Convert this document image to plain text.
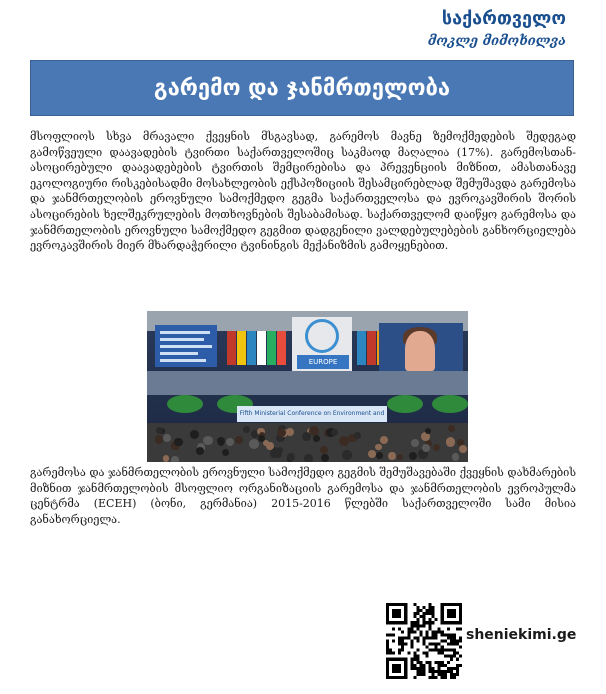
საქართველო
მოკლე მიმოხილვა
გარემო და ჯანმრთელობა

მსოფლიოს სხვა მრავალი ქვეყნის მსგავსად, გარემოს მავნე ზემოქმედების შედეგად გამოწვეული დაავადების ტვირთი საქართველოშიც საკმაოდ მაღალია (17%). გარემოსთან-ასოცირებული დაავადებების ტვირთის შემცირებისა და პრევენციის მიზნით, ამასთანავე ეკოლოგიური რისკებისადმი მოსახლეობის ექსპოზიციის შესამცირებლად შემუშავდა გარემოსა და ჯანმრთელობის ეროვნული სამოქმედო გეგმა საქართველოსა და ევროკავშირის შორის ასოცირების ხელშეკრულების მოთხოვნების შესაბამისად. საქართველომ დაიწყო გარემოსა და ჯანმრთელობის ეროვნული სამოქმედო გეგმით დადგენილი ვალდებულებების განხორციელება ევროკავშირის მიერ მხარდაჭერილი ტვინინგის მექანიზმის გამოყენებით.

EUROPE
Fifth Ministerial Conference on Environment and

გარემოსა და ჯანმრთელობის ეროვნული სამოქმედო გეგმის შემუშავებაში ქვეყნის დახმარების მიზნით ჯანმრთელობის მსოფლიო ორგანიზაციის გარემოსა და ჯანმრთელობის ევროპულმა ცენტრმა (ECEH) (ბონი, გერმანია) 2015-2016 წლებში საქართველოში სამი მისია განახორციელა.

sheniekimi.ge
